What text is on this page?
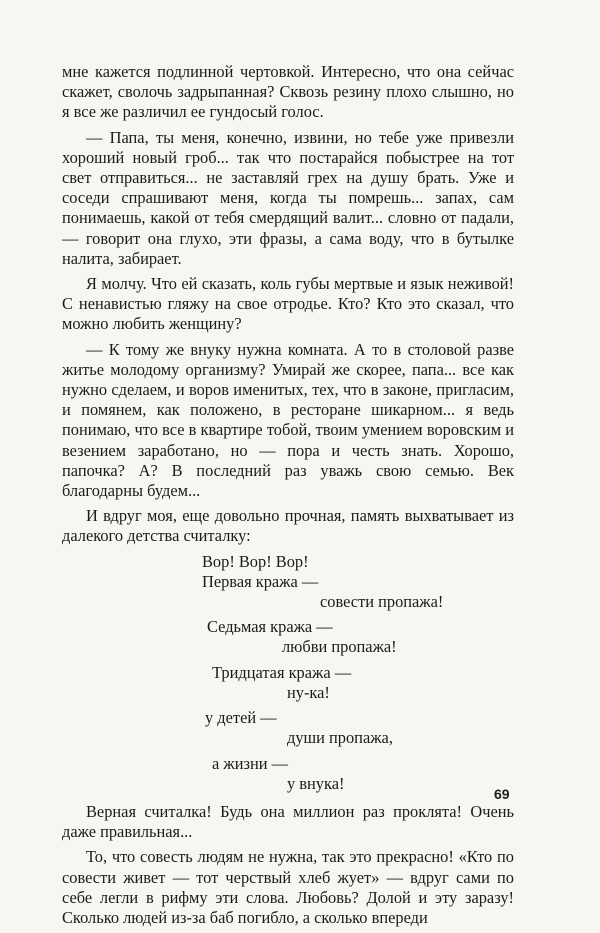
мне кажется подлинной чертовкой. Интересно, что она сейчас скажет, сволочь задрыпанная? Сквозь резину плохо слышно, но я все же различил ее гундосый голос.

— Папа, ты меня, конечно, извини, но тебе уже привезли хороший новый гроб... так что постарайся побыстрее на тот свет отправиться... не заставляй грех на душу брать. Уже и соседи спрашивают меня, когда ты помрешь... запах, сам понимаешь, какой от тебя смердящий валит... словно от падали, — говорит она глухо, эти фразы, а сама воду, что в бутылке налита, забирает.

Я молчу. Что ей сказать, коль губы мертвые и язык неживой! С ненавистью гляжу на свое отродье. Кто? Кто это сказал, что можно любить женщину?

— К тому же внуку нужна комната. А то в столовой разве житье молодому организму? Умирай же скорее, папа... все как нужно сделаем, и воров именитых, тех, что в законе, пригласим, и помянем, как положено, в ресторане шикарном... я ведь понимаю, что все в квартире тобой, твоим умением воровским и везением заработано, но — пора и честь знать. Хорошо, папочка? А? В последний раз уважь свою семью. Век благодарны будем...

И вдруг моя, еще довольно прочная, память выхватывает из далекого детства считалку:

Вор! Вор! Вор!
Первая кража —
совести пропажа!
Седьмая кража —
любви пропажа!
Тридцатая кража —
ну-ка!
у детей —
души пропажа,
а жизни —
у внука!

Верная считалка! Будь она миллион раз проклята! Очень даже правильная...

То, что совесть людям не нужна, так это прекрасно! «Кто по совести живет — тот черствый хлеб жует» — вдруг сами по себе легли в рифму эти слова. Любовь? Долой и эту заразу! Сколько людей из-за баб погибло, а сколько впереди

69
